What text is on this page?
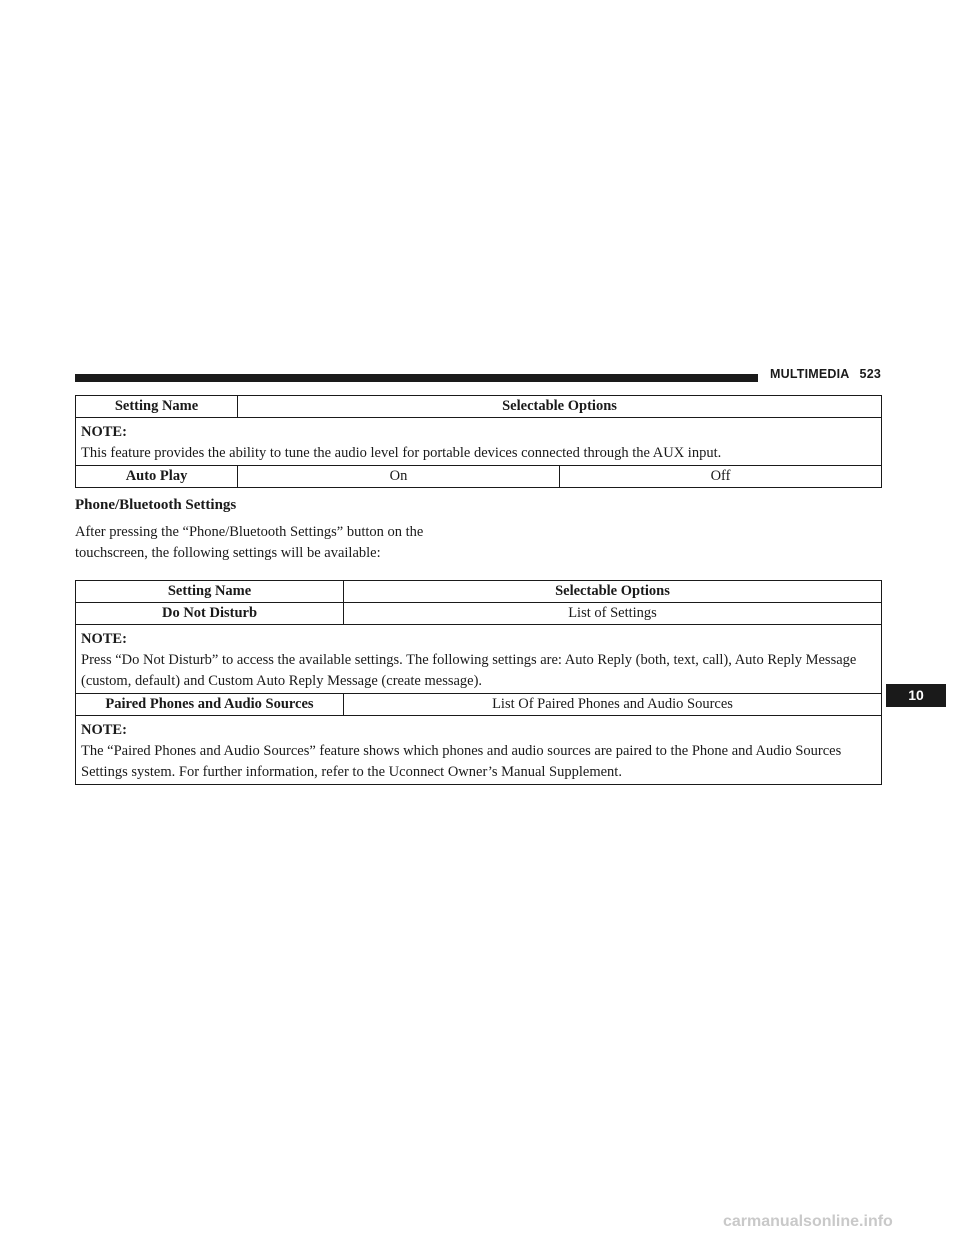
MULTIMEDIA 523
Setting Name	Selectable Options	

NOTE:
This feature provides the ability to tune the audio level for portable devices connected through the AUX input.		
Auto Play	On	Off
Phone/Bluetooth Settings
After pressing the “Phone/Bluetooth Settings” button on the touchscreen, the following settings will be available:
Setting Name	Selectable Options
Do Not Disturb	List of Settings

NOTE:
Press “Do Not Disturb” to access the available settings. The following settings are: Auto Reply (both, text, call), Auto Reply Message (custom, default) and Custom Auto Reply Message (create message).	
Paired Phones and Audio Sources	List Of Paired Phones and Audio Sources

NOTE:
The “Paired Phones and Audio Sources” feature shows which phones and audio sources are paired to the Phone and Audio Sources Settings system. For further information, refer to the Uconnect Owner’s Manual Supplement.	
10
carmanualsonline.info
